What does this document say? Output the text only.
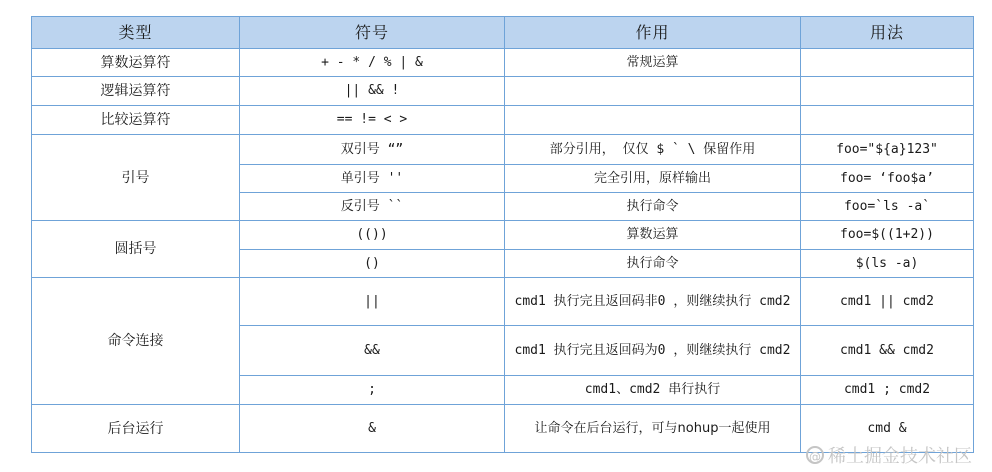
类型	符号	作用	用法
算数运算符	+ - * / % | &	常规运算	
逻辑运算符	|| && !		
比较运算符	== != < >		
引号	双引号 “”	部分引用， 仅仅 $ ` \ 保留作用	foo="${a}123"
	单引号 ''	完全引用，原样输出	foo= ‘foo$a’
	反引号 ``	执行命令	foo=`ls -a`
圆括号	(())	算数运算	foo=$((1+2))
	()	执行命令	$(ls -a)
命令连接	||	cmd1 执行完且返回码非0 ，则继续执行 cmd2	cmd1 || cmd2
	&&	cmd1 执行完且返回码为0 ，则继续执行 cmd2	cmd1 && cmd2
	;	cmd1、cmd2 串行执行	cmd1 ; cmd2
后台运行	&	让命令在后台运行，可与nohup一起使用	cmd &
@ 稀土掘金技术社区
